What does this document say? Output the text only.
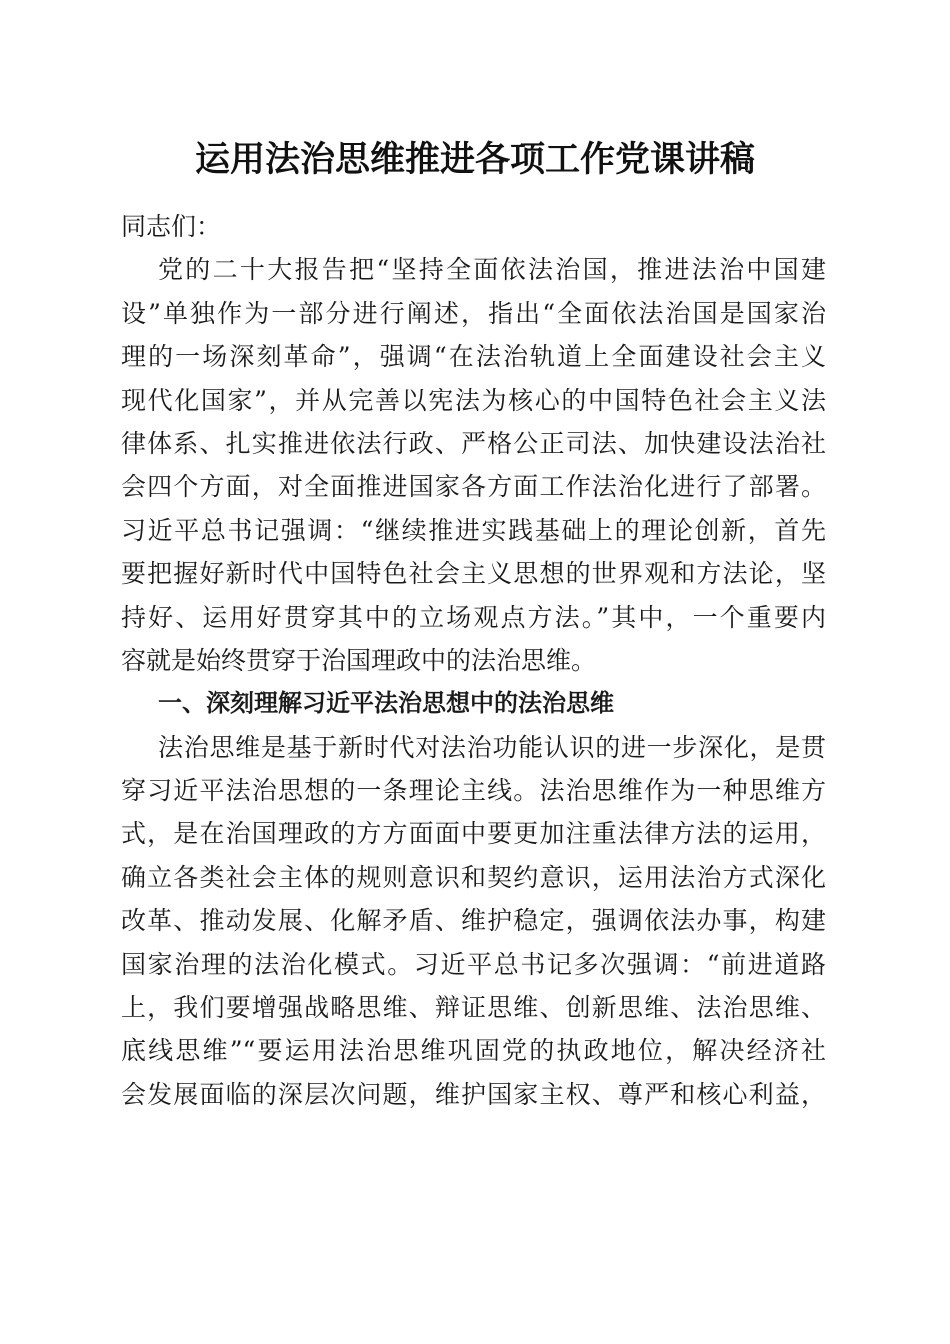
运用法治思维推进各项工作党课讲稿
同志们：
党的二十大报告把“坚持全面依法治国，推进法治中国建
设”单独作为一部分进行阐述，指出“全面依法治国是国家治
理的一场深刻革命”，强调“在法治轨道上全面建设社会主义
现代化国家”，并从完善以宪法为核心的中国特色社会主义法
律体系、扎实推进依法行政、严格公正司法、加快建设法治社
会四个方面，对全面推进国家各方面工作法治化进行了部署。
习近平总书记强调：“继续推进实践基础上的理论创新，首先
要把握好新时代中国特色社会主义思想的世界观和方法论，坚
持好、运用好贯穿其中的立场观点方法。”其中，一个重要内
容就是始终贯穿于治国理政中的法治思维。
一、深刻理解习近平法治思想中的法治思维
法治思维是基于新时代对法治功能认识的进一步深化，是贯
穿习近平法治思想的一条理论主线。法治思维作为一种思维方
式，是在治国理政的方方面面中要更加注重法律方法的运用，
确立各类社会主体的规则意识和契约意识，运用法治方式深化
改革、推动发展、化解矛盾、维护稳定，强调依法办事，构建
国家治理的法治化模式。习近平总书记多次强调：“前进道路
上，我们要增强战略思维、辩证思维、创新思维、法治思维、
底线思维”“要运用法治思维巩固党的执政地位，解决经济社
会发展面临的深层次问题，维护国家主权、尊严和核心利益，
